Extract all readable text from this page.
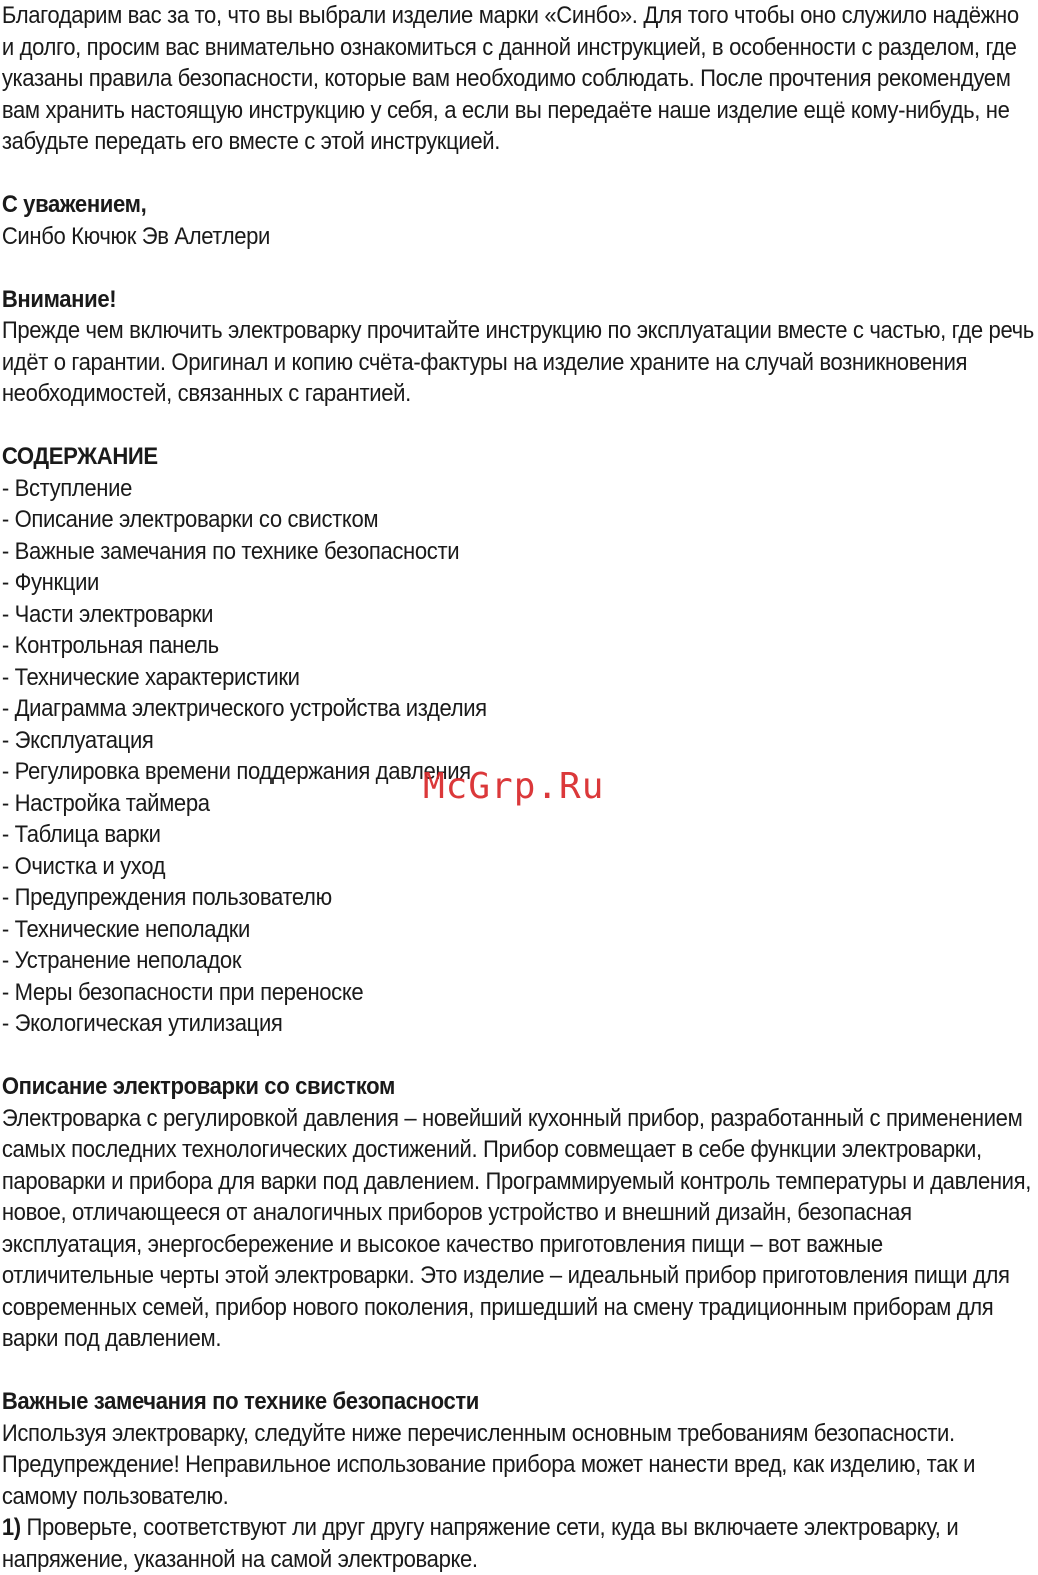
Благодарим вас за то, что вы выбрали изделие марки «Синбо». Для того чтобы оно служило надёжно и долго, просим вас внимательно ознакомиться с данной инструкцией, в особенности с разделом, где указаны правила безопасности, которые вам необходимо соблюдать. После прочтения рекомендуем вам хранить настоящую инструкцию у себя, а если вы передаёте наше изделие ещё кому-нибудь, не забудьте передать его вместе с этой инструкцией.

С уважением,

Синбо Кючюк Эв Алетлери

Внимание!

Прежде чем включить электроварку прочитайте инструкцию по эксплуатации вместе с частью, где речь идёт о гарантии. Оригинал и копию счёта-фактуры на изделие храните на случай возникновения необходимостей, связанных с гарантией.

СОДЕРЖАНИЕ

- Вступление
- Описание электроварки со свистком
- Важные замечания по технике безопасности
- Функции
- Части электроварки
- Контрольная панель
- Технические характеристики
- Диаграмма электрического устройства изделия
- Эксплуатация
- Регулировка времени поддержания давления
- Настройка таймера
- Таблица варки
- Очистка и уход
- Предупреждения пользователю
- Технические неполадки
- Устранение неполадок
- Меры безопасности при переноске
- Экологическая утилизация

Описание электроварки со свистком

Электроварка с регулировкой давления – новейший кухонный прибор, разработанный с применением самых последних технологических достижений. Прибор совмещает в себе функции электроварки, пароварки и прибора для варки под давлением. Программируемый контроль температуры и давления, новое, отличающееся от аналогичных приборов устройство и внешний дизайн, безопасная эксплуатация, энергосбережение и высокое качество приготовления пищи – вот важные отличительные черты этой электроварки. Это изделие – идеальный прибор приготовления пищи для современных семей, прибор нового поколения, пришедший на смену традиционным приборам для варки под давлением.

Важные замечания по технике безопасности

Используя электроварку, следуйте ниже перечисленным основным требованиям безопасности. Предупреждение! Неправильное использование прибора может нанести вред, как изделию, так и самому пользователю.

1) Проверьте, соответствуют ли друг другу напряжение сети, куда вы включаете электроварку, и напряжение, указанной на самой электроварке.

McGrp.Ru
